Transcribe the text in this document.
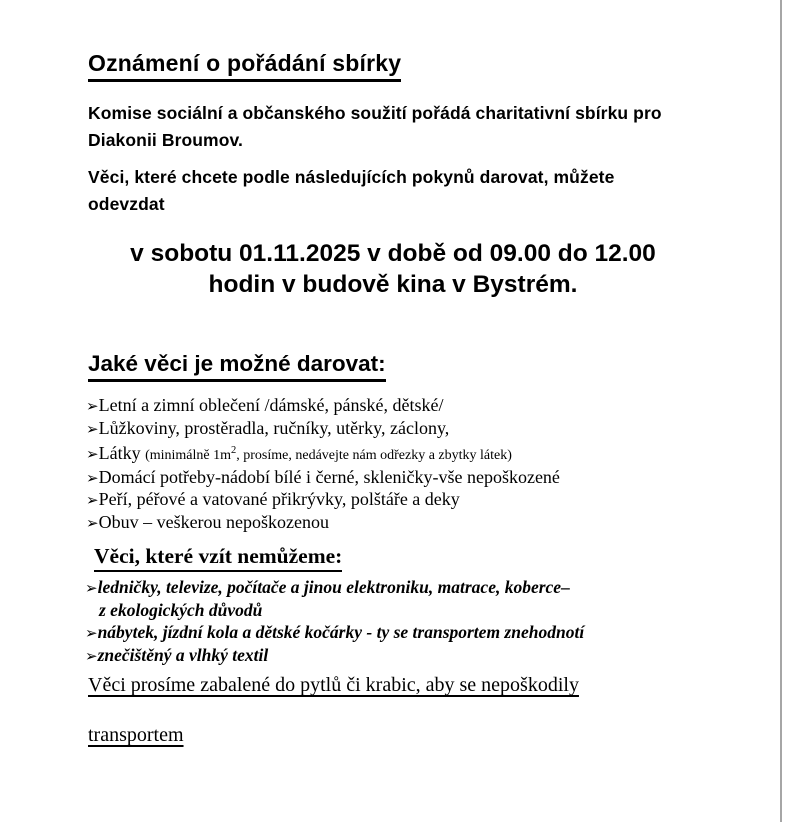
Oznámení o pořádání sbírky
Komise sociální a občanského soužití pořádá charitativní sbírku pro
Diakonii Broumov.
Věci, které chcete podle následujících pokynů darovat, můžete
odevzdat
v sobotu 01.11.2025 v době od 09.00 do 12.00
hodin v budově kina v Bystrém.
Jaké věci je možné darovat:
➢Letní a zimní oblečení /dámské, pánské, dětské/
➢Lůžkoviny, prostěradla, ručníky, utěrky, záclony,
➢Látky (minimálně $1m^2$, prosíme, nedávejte nám odřezky a zbytky látek)
➢Domácí potřeby-nádobí bílé i černé, skleničky-vše nepoškozené
➢Peří, péřové a vatované přikrývky, polštáře a deky
➢Obuv – veškerou nepoškozenou
Věci, které vzít nemůžeme:
➢ledničky, televize, počítače a jinou elektroniku, matrace, koberce–
z ekologických důvodů
➢nábytek, jízdní kola a dětské kočárky - ty se transportem znehodnotí
➢znečištěný a vlhký textil
Věci prosíme zabalené do pytlů či krabic, aby se nepoškodily
transportem
